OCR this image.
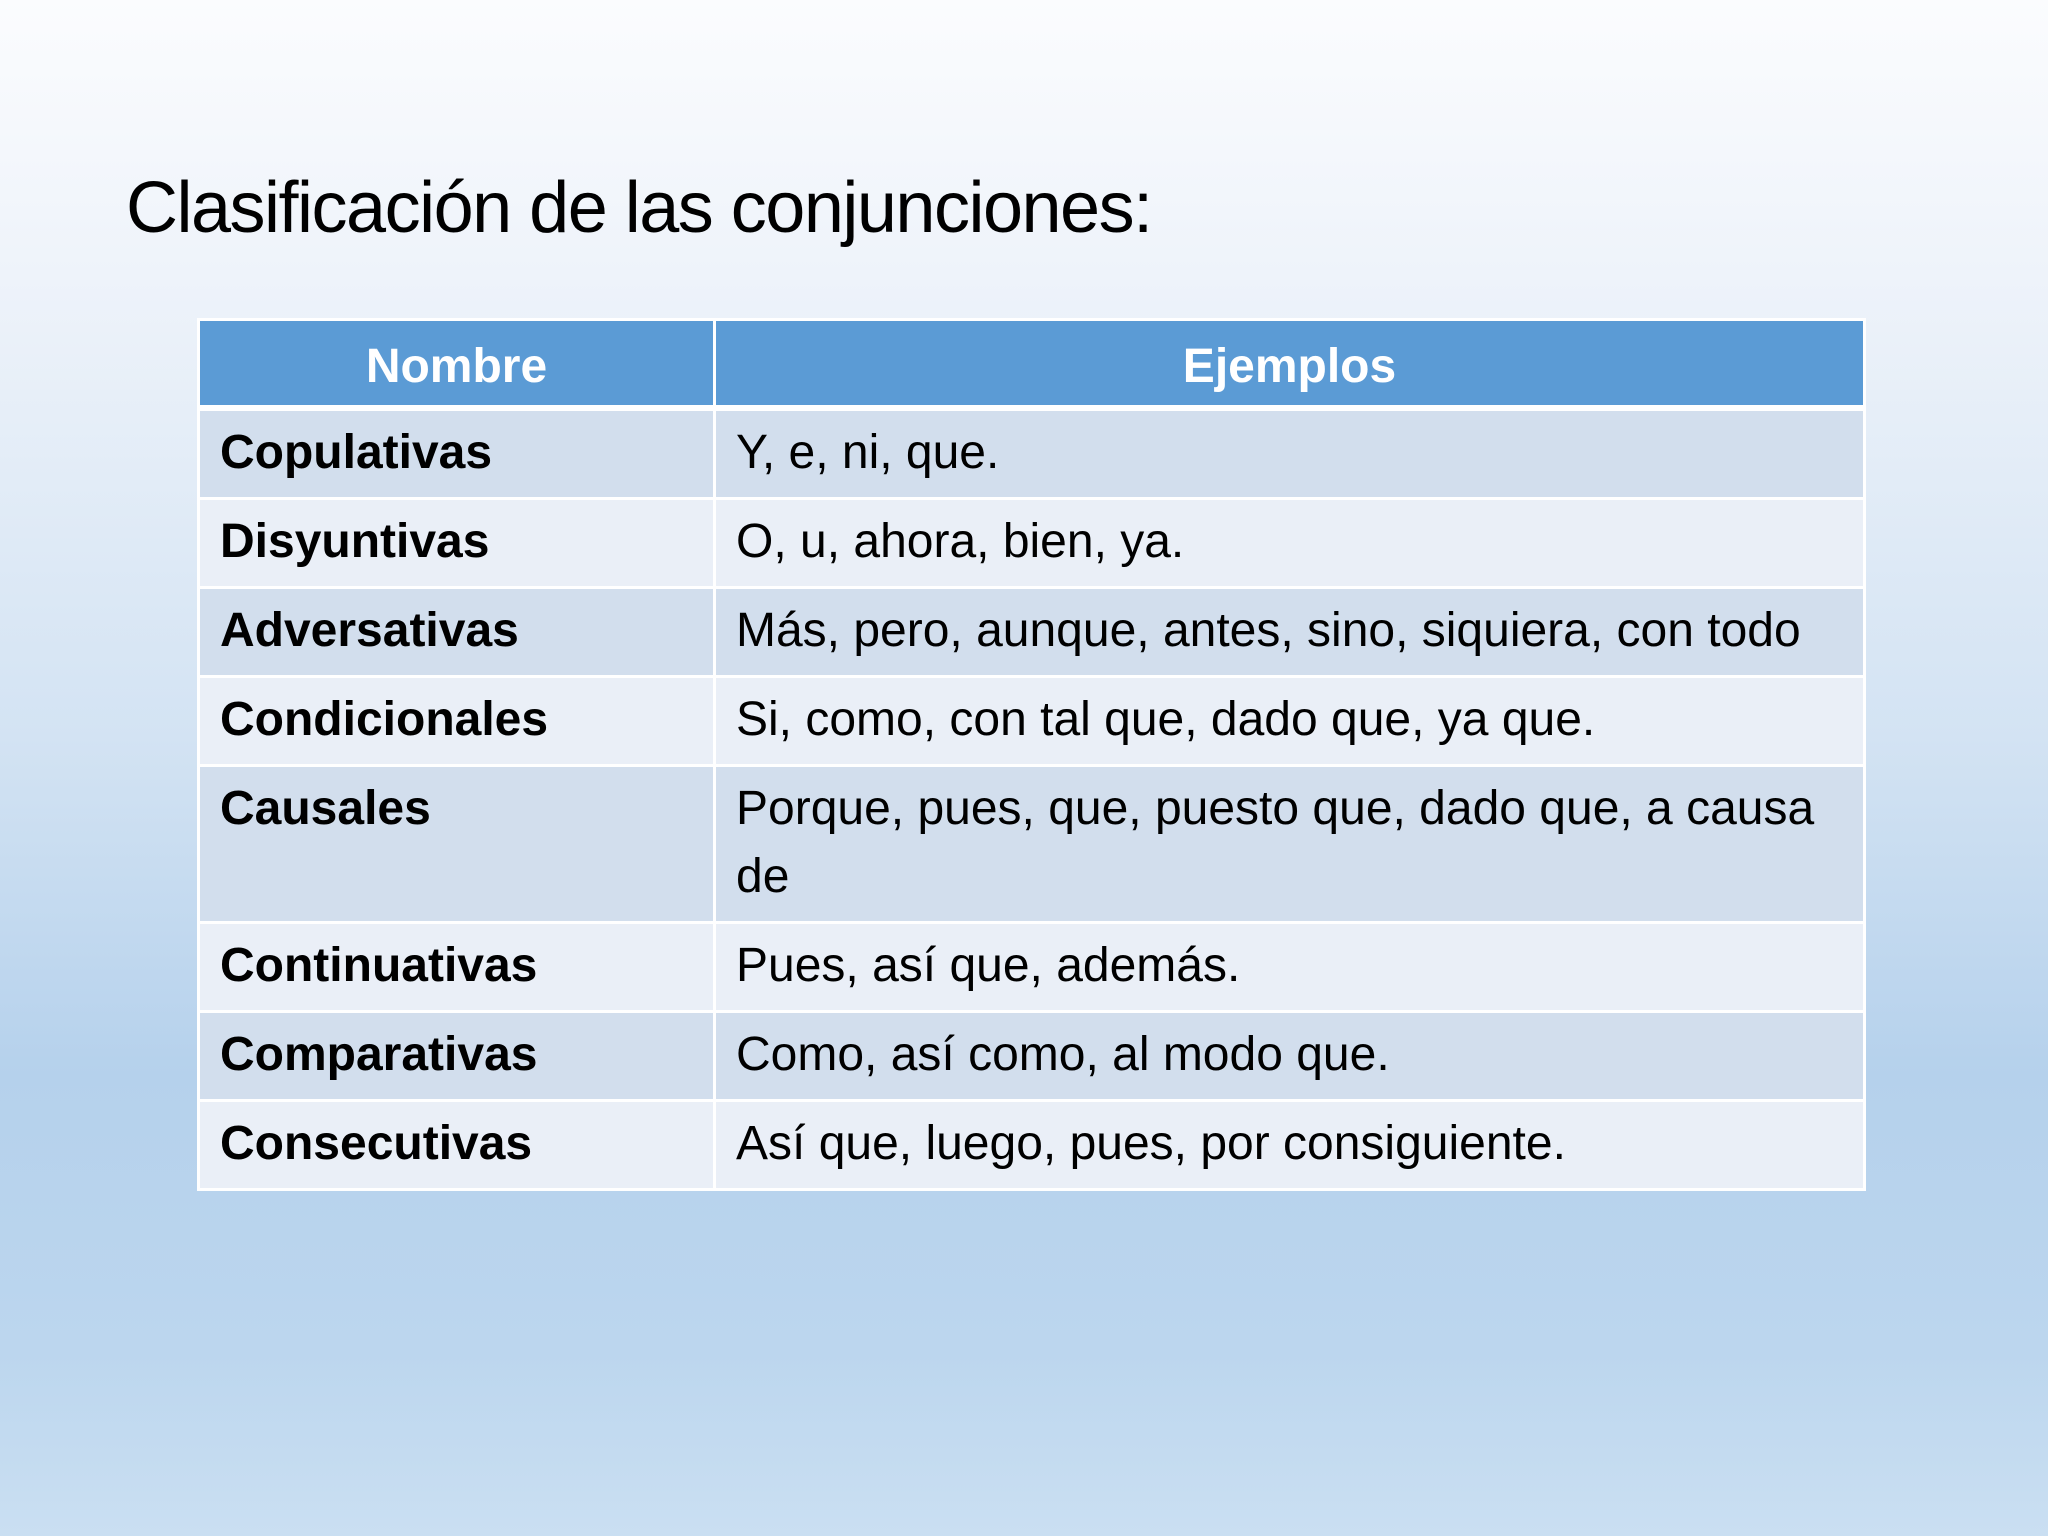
Clasificación de las conjunciones:
Nombre	Ejemplos
Copulativas	Y, e, ni, que.
Disyuntivas	O, u, ahora, bien, ya.
Adversativas	Más, pero, aunque, antes, sino, siquiera, con todo
Condicionales	Si, como, con tal que, dado que, ya que.
Causales	Porque, pues, que, puesto que, dado que, a causa de
Continuativas	Pues, así que, además.
Comparativas	Como, así como, al modo que.
Consecutivas	Así que, luego, pues, por consiguiente.
